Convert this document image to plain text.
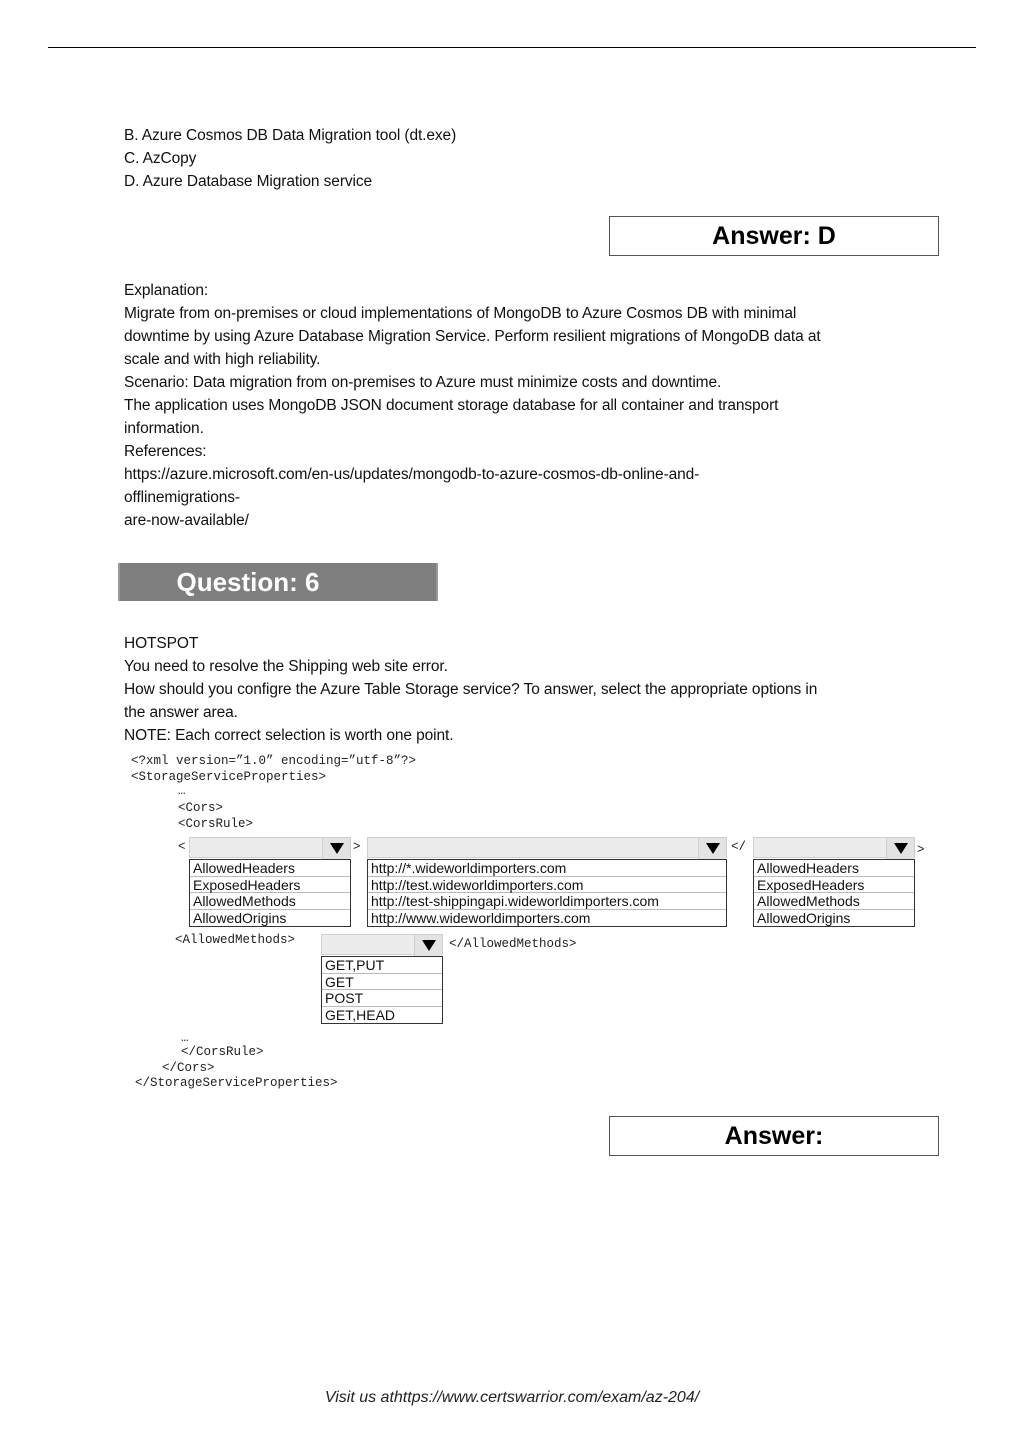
B. Azure Cosmos DB Data Migration tool (dt.exe)
C. AzCopy
D. Azure Database Migration service
Answer: D
Explanation:
Migrate from on-premises or cloud implementations of MongoDB to Azure Cosmos DB with minimal
downtime by using Azure Database Migration Service. Perform resilient migrations of MongoDB data at
scale and with high reliability.
Scenario: Data migration from on-premises to Azure must minimize costs and downtime.
The application uses MongoDB JSON document storage database for all container and transport
information.
References:
https://azure.microsoft.com/en-us/updates/mongodb-to-azure-cosmos-db-online-and-
offlinemigrations-
are-now-available/
Question: 6
HOTSPOT
You need to resolve the Shipping web site error.
How should you configre the Azure Table Storage service? To answer, select the appropriate options in
the answer area.
NOTE: Each correct selection is worth one point.
<?xml version=”1.0” encoding=”utf-8”?>
<StorageServiceProperties>
…
<Cors>
<CorsRule>
<
AllowedHeaders
ExposedHeaders
AllowedMethods
AllowedOrigins
>
http://*.wideworldimporters.com
http://test.wideworldimporters.com
http://test-shippingapi.wideworldimporters.com
http://www.wideworldimporters.com
</
AllowedHeaders
ExposedHeaders
AllowedMethods
AllowedOrigins
>
<AllowedMethods>
GET,PUT
GET
POST
GET,HEAD
</AllowedMethods>
…
</CorsRule>
</Cors>
</StorageServiceProperties>
Answer:
Visit us athttps://www.certswarrior.com/exam/az-204/
